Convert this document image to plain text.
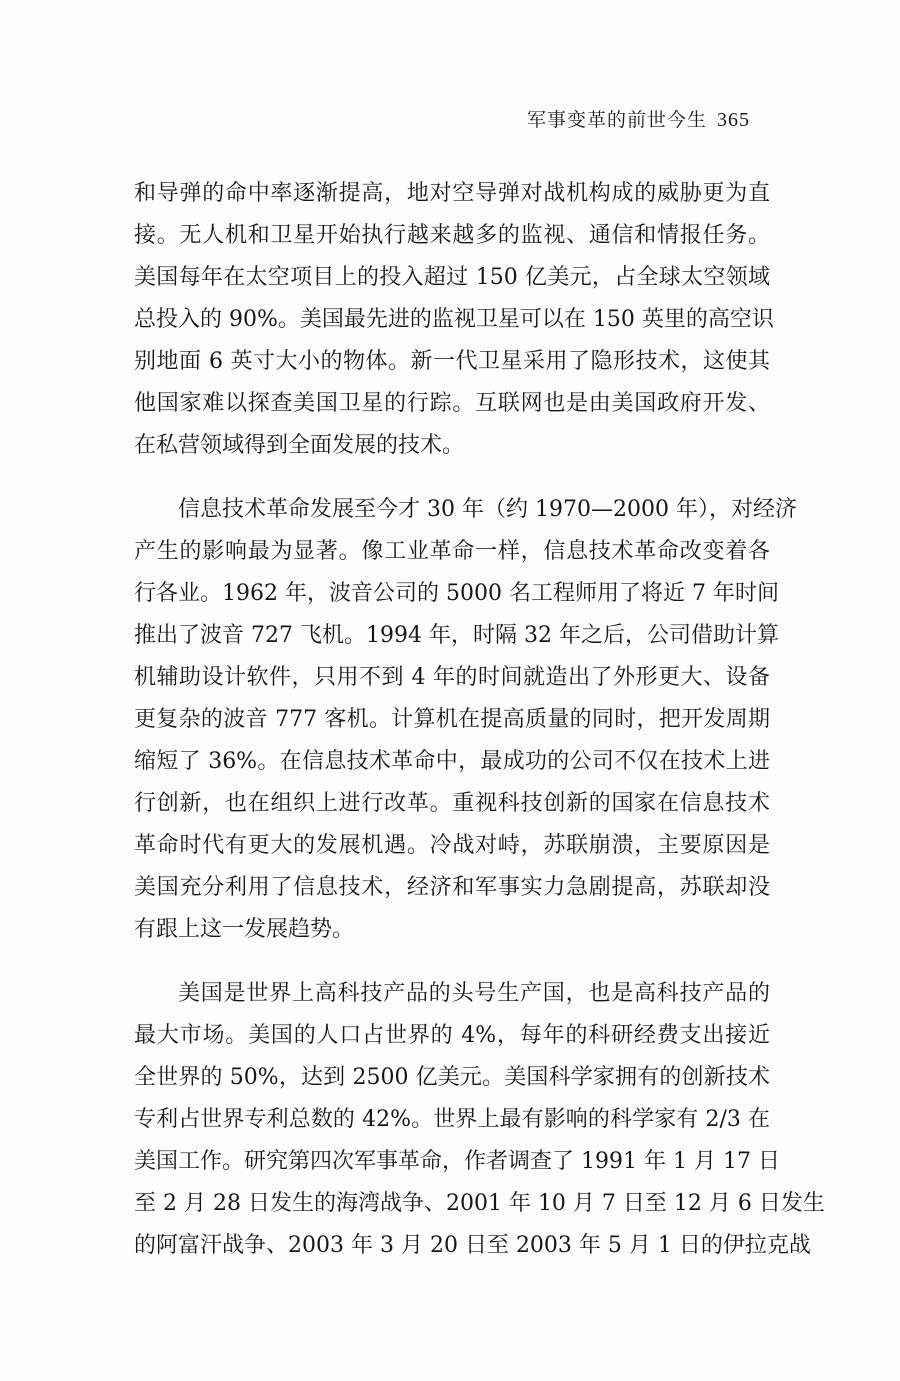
军事变革的前世今生 365
和导弹的命中率逐渐提高，地对空导弹对战机构成的威胁更为直
接。无人机和卫星开始执行越来越多的监视、通信和情报任务。
美国每年在太空项目上的投入超过 150 亿美元，占全球太空领域
总投入的 90%。美国最先进的监视卫星可以在 150 英里的高空识
别地面 6 英寸大小的物体。新一代卫星采用了隐形技术，这使其
他国家难以探查美国卫星的行踪。互联网也是由美国政府开发、
在私营领域得到全面发展的技术。
信息技术革命发展至今才 30 年（约 1970—2000 年），对经济
产生的影响最为显著。像工业革命一样，信息技术革命改变着各
行各业。1962 年，波音公司的 5000 名工程师用了将近 7 年时间
推出了波音 727 飞机。1994 年，时隔 32 年之后，公司借助计算
机辅助设计软件，只用不到 4 年的时间就造出了外形更大、设备
更复杂的波音 777 客机。计算机在提高质量的同时，把开发周期
缩短了 36%。在信息技术革命中，最成功的公司不仅在技术上进
行创新，也在组织上进行改革。重视科技创新的国家在信息技术
革命时代有更大的发展机遇。冷战对峙，苏联崩溃，主要原因是
美国充分利用了信息技术，经济和军事实力急剧提高，苏联却没
有跟上这一发展趋势。
美国是世界上高科技产品的头号生产国，也是高科技产品的
最大市场。美国的人口占世界的 4%，每年的科研经费支出接近
全世界的 50%，达到 2500 亿美元。美国科学家拥有的创新技术
专利占世界专利总数的 42%。世界上最有影响的科学家有 2/3 在
美国工作。研究第四次军事革命，作者调查了 1991 年 1 月 17 日
至 2 月 28 日发生的海湾战争、2001 年 10 月 7 日至 12 月 6 日发生
的阿富汗战争、2003 年 3 月 20 日至 2003 年 5 月 1 日的伊拉克战
